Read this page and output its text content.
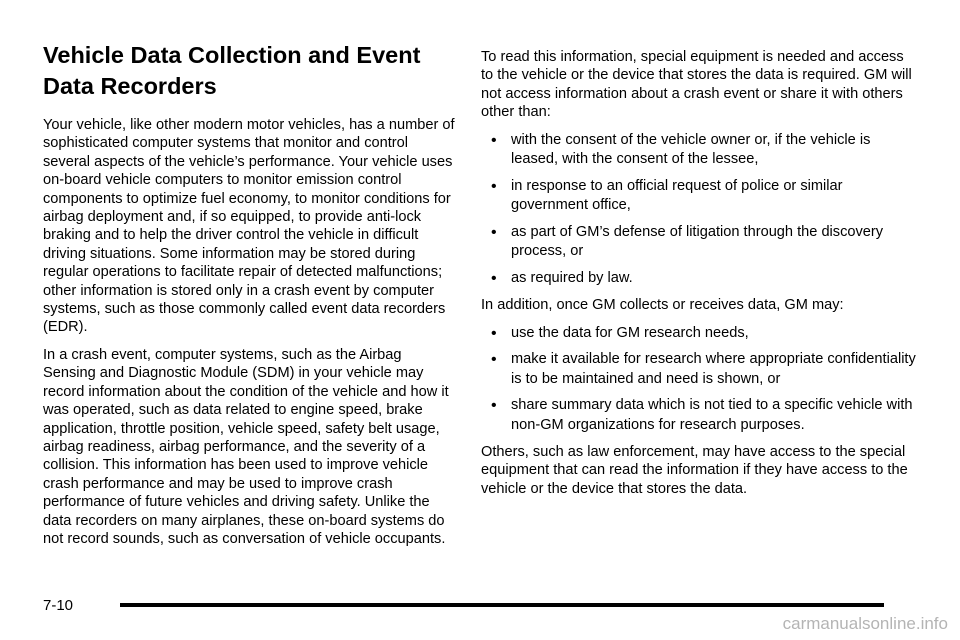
Vehicle Data Collection and Event
Data Recorders

Your vehicle, like other modern motor vehicles, has a number of sophisticated computer systems that monitor and control several aspects of the vehicle’s performance. Your vehicle uses on-board vehicle computers to monitor emission control components to optimize fuel economy, to monitor conditions for airbag deployment and, if so equipped, to provide anti-lock braking and to help the driver control the vehicle in difficult driving situations. Some information may be stored during regular operations to facilitate repair of detected malfunctions; other information is stored only in a crash event by computer systems, such as those commonly called event data recorders (EDR).

In a crash event, computer systems, such as the Airbag Sensing and Diagnostic Module (SDM) in your vehicle may record information about the condition of the vehicle and how it was operated, such as data related to engine speed, brake application, throttle position, vehicle speed, safety belt usage, airbag readiness, airbag performance, and the severity of a collision. This information has been used to improve vehicle crash performance and may be used to improve crash performance of future vehicles and driving safety. Unlike the data recorders on many airplanes, these on-board systems do not record sounds, such as conversation of vehicle occupants.

To read this information, special equipment is needed and access to the vehicle or the device that stores the data is required. GM will not access information about a crash event or share it with others other than:

• with the consent of the vehicle owner or, if the vehicle is leased, with the consent of the lessee,
• in response to an official request of police or similar government office,
• as part of GM’s defense of litigation through the discovery process, or
• as required by law.

In addition, once GM collects or receives data, GM may:

• use the data for GM research needs,
• make it available for research where appropriate confidentiality is to be maintained and need is shown, or
• share summary data which is not tied to a specific vehicle with non-GM organizations for research purposes.

Others, such as law enforcement, may have access to the special equipment that can read the information if they have access to the vehicle or the device that stores the data.

7-10
carmanualsonline.info
